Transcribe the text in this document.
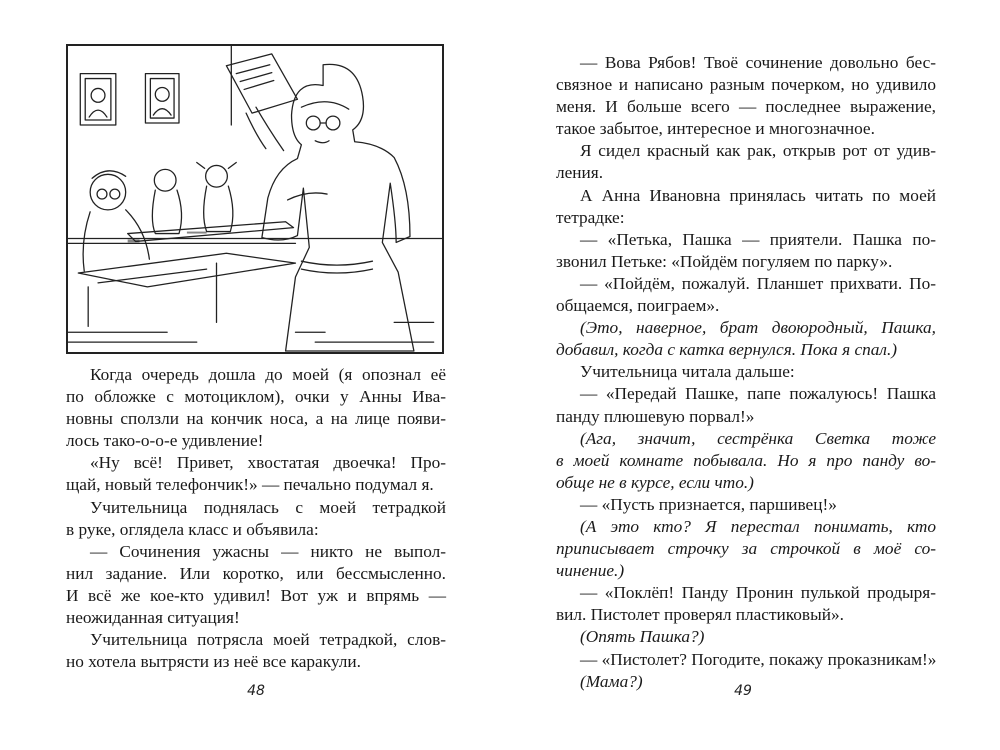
Когда очередь дошла до моей (я опознал её
по обложке с мотоциклом), очки у Анны Ива-
новны сползли на кончик носа, а на лице появи-
лось тако-о-о-е удивление!
«Ну всё! Привет, хвостатая двоечка! Про-
щай, новый телефончик!» — печально подумал я.
Учительница поднялась с моей тетрадкой
в руке, оглядела класс и объявила:
— Сочинения ужасны — никто не выпол-
нил задание. Или коротко, или бессмысленно.
И всё же кое-кто удивил! Вот уж и впрямь —
неожиданная ситуация!
Учительница потрясла моей тетрадкой, слов-
но хотела вытрясти из неё все каракули.
48
— Вова Рябов! Твоё сочинение довольно бес-
связное и написано разным почерком, но удивило
меня. И больше всего — последнее выражение,
такое забытое, интересное и многозначное.
Я сидел красный как рак, открыв рот от удив-
ления.
А Анна Ивановна принялась читать по моей
тетрадке:
— «Петька, Пашка — приятели. Пашка по-
звонил Петьке: «Пойдём погуляем по парку».
— «Пойдём, пожалуй. Планшет прихвати. По-
общаемся, поиграем».
(Это, наверное, брат двоюродный, Пашка,
добавил, когда с катка вернулся. Пока я спал.)
Учительница читала дальше:
— «Передай Пашке, папе пожалуюсь! Пашка
панду плюшевую порвал!»
(Ага, значит, сестрёнка Светка тоже
в моей комнате побывала. Но я про панду во-
обще не в курсе, если что.)
— «Пусть признается, паршивец!»
(А это кто? Я перестал понимать, кто
приписывает строчку за строчкой в моё со-
чинение.)
— «Поклёп! Панду Пронин пулькой продыря-
вил. Пистолет проверял пластиковый».
(Опять Пашка?)
— «Пистолет? Погодите, покажу проказникам!»
(Мама?)
49
